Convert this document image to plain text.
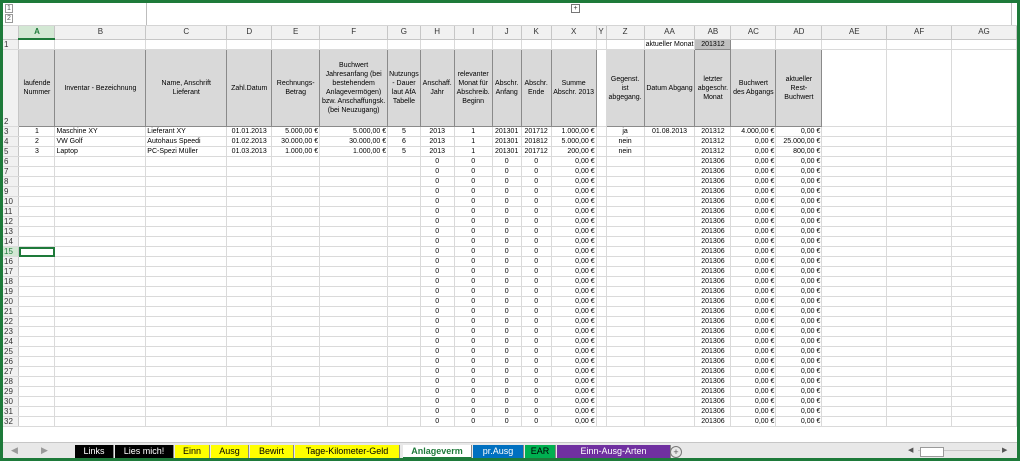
1
2
+
	A	B	C	D	E	F	G	H	I	J	K	X	Y	Z	AA	AB	AC	AD	AE	AF	AG
1															aktueller Monat	201312					
2	laufende Nummer	Inventar - Bezeichnung	Name, Anschrift Lieferant	Zahl.Datum	Rechnungs-Betrag	Buchwert Jahresanfang (bei bestehendem Anlagevermögen) bzw. Anschaffungsk. (bei Neuzugang)	Nutzungs - Dauer laut AfA Tabelle	Anschaff. Jahr	relevanter Monat für Abschreib. Beginn	Abschr. Anfang	Abschr. Ende	Summe Abschr. 2013		Gegenst. ist abgegang.	Datum Abgang	letzter abgeschr. Monat	Buchwert des Abgangs	aktueller Rest-Buchwert			
3	1	Maschine XY	Lieferant XY	01.01.2013	5.000,00 €	5.000,00 €	5	2013	1	201301	201712	1.000,00 €		ja	01.08.2013	201312	4.000,00 €	0,00 €			
4	2	VW Golf	Autohaus Speedi	01.02.2013	30.000,00 €	30.000,00 €	6	2013	1	201301	201812	5.000,00 €		nein		201312	0,00 €	25.000,00 €			
5	3	Laptop	PC-Spezi Müller	01.03.2013	1.000,00 €	1.000,00 €	5	2013	1	201301	201712	200,00 €		nein		201312	0,00 €	800,00 €			
6								0	0	0	0	0,00 €				201306	0,00 €	0,00 €			
7								0	0	0	0	0,00 €				201306	0,00 €	0,00 €			
8								0	0	0	0	0,00 €				201306	0,00 €	0,00 €			
9								0	0	0	0	0,00 €				201306	0,00 €	0,00 €			
10								0	0	0	0	0,00 €				201306	0,00 €	0,00 €			
11								0	0	0	0	0,00 €				201306	0,00 €	0,00 €			
12								0	0	0	0	0,00 €				201306	0,00 €	0,00 €			
13								0	0	0	0	0,00 €				201306	0,00 €	0,00 €			
14								0	0	0	0	0,00 €				201306	0,00 €	0,00 €			
15								0	0	0	0	0,00 €				201306	0,00 €	0,00 €			
16								0	0	0	0	0,00 €				201306	0,00 €	0,00 €			
17								0	0	0	0	0,00 €				201306	0,00 €	0,00 €			
18								0	0	0	0	0,00 €				201306	0,00 €	0,00 €			
19								0	0	0	0	0,00 €				201306	0,00 €	0,00 €			
20								0	0	0	0	0,00 €				201306	0,00 €	0,00 €			
21								0	0	0	0	0,00 €				201306	0,00 €	0,00 €			
22								0	0	0	0	0,00 €				201306	0,00 €	0,00 €			
23								0	0	0	0	0,00 €				201306	0,00 €	0,00 €			
24								0	0	0	0	0,00 €				201306	0,00 €	0,00 €			
25								0	0	0	0	0,00 €				201306	0,00 €	0,00 €			
26								0	0	0	0	0,00 €				201306	0,00 €	0,00 €			
27								0	0	0	0	0,00 €				201306	0,00 €	0,00 €			
28								0	0	0	0	0,00 €				201306	0,00 €	0,00 €			
29								0	0	0	0	0,00 €				201306	0,00 €	0,00 €			
30								0	0	0	0	0,00 €				201306	0,00 €	0,00 €			
31								0	0	0	0	0,00 €				201306	0,00 €	0,00 €			
32								0	0	0	0	0,00 €				201306	0,00 €	0,00 €			
◀	▶	Links	Lies mich!	Einn	Ausg	Bewirt	Tage-Kilometer-Geld	Anlageverm	pr.Ausg	EAR	Einn-Ausg-Arten	+	◀	▶
